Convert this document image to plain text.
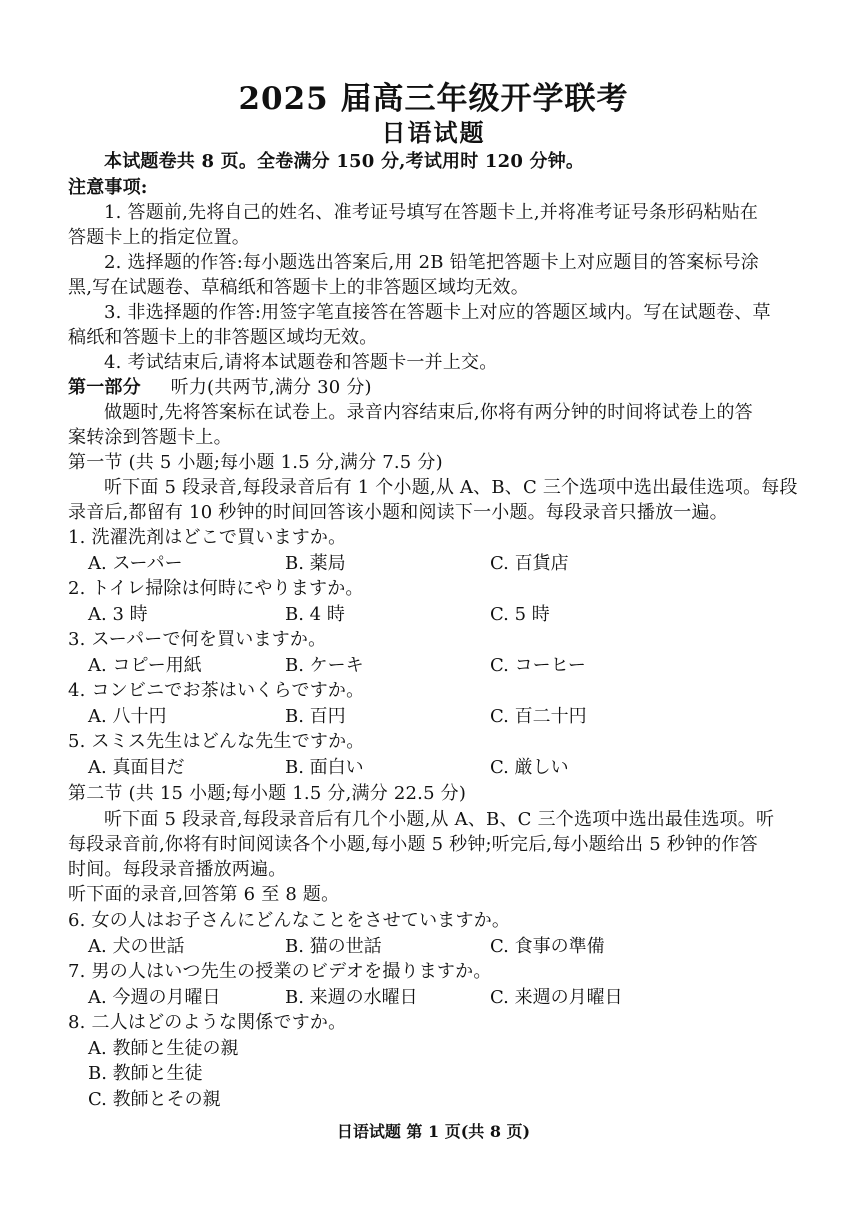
2025 届高三年级开学联考
日语试题
本试题卷共 8 页。全卷满分 150 分,考试用时 120 分钟。
注意事项:
1. 答题前,先将自己的姓名、准考证号填写在答题卡上,并将准考证号条形码粘贴在
答题卡上的指定位置。
2. 选择题的作答:每小题选出答案后,用 2B 铅笔把答题卡上对应题目的答案标号涂
黑,写在试题卷、草稿纸和答题卡上的非答题区域均无效。
3. 非选择题的作答:用签字笔直接答在答题卡上对应的答题区域内。写在试题卷、草
稿纸和答题卡上的非答题区域均无效。
4. 考试结束后,请将本试题卷和答题卡一并上交。
第一部分 听力(共两节,满分 30 分)
做题时,先将答案标在试卷上。录音内容结束后,你将有两分钟的时间将试卷上的答
案转涂到答题卡上。
第一节 (共 5 小题;每小题 1.5 分,满分 7.5 分)
听下面 5 段录音,每段录音后有 1 个小题,从 A、B、C 三个选项中选出最佳选项。每段
录音后,都留有 10 秒钟的时间回答该小题和阅读下一小题。每段录音只播放一遍。
1. 洗濯洗剤はどこで買いますか。
A. スーパー	B. 薬局	C. 百貨店
2. トイレ掃除は何時にやりますか。
A. 3 時	B. 4 時	C. 5 時
3. スーパーで何を買いますか。
A. コピー用紙	B. ケーキ	C. コーヒー
4. コンビニでお茶はいくらですか。
A. 八十円	B. 百円	C. 百二十円
5. スミス先生はどんな先生ですか。
A. 真面目だ	B. 面白い	C. 厳しい
第二节 (共 15 小题;每小题 1.5 分,满分 22.5 分)
听下面 5 段录音,每段录音后有几个小题,从 A、B、C 三个选项中选出最佳选项。听
每段录音前,你将有时间阅读各个小题,每小题 5 秒钟;听完后,每小题给出 5 秒钟的作答
时间。每段录音播放两遍。
听下面的录音,回答第 6 至 8 题。
6. 女の人はお子さんにどんなことをさせていますか。
A. 犬の世話	B. 猫の世話	C. 食事の準備
7. 男の人はいつ先生の授業のビデオを撮りますか。
A. 今週の月曜日	B. 来週の水曜日	C. 来週の月曜日
8. 二人はどのような関係ですか。
A. 教師と生徒の親
B. 教師と生徒
C. 教師とその親
日语试题 第 1 页(共 8 页)
